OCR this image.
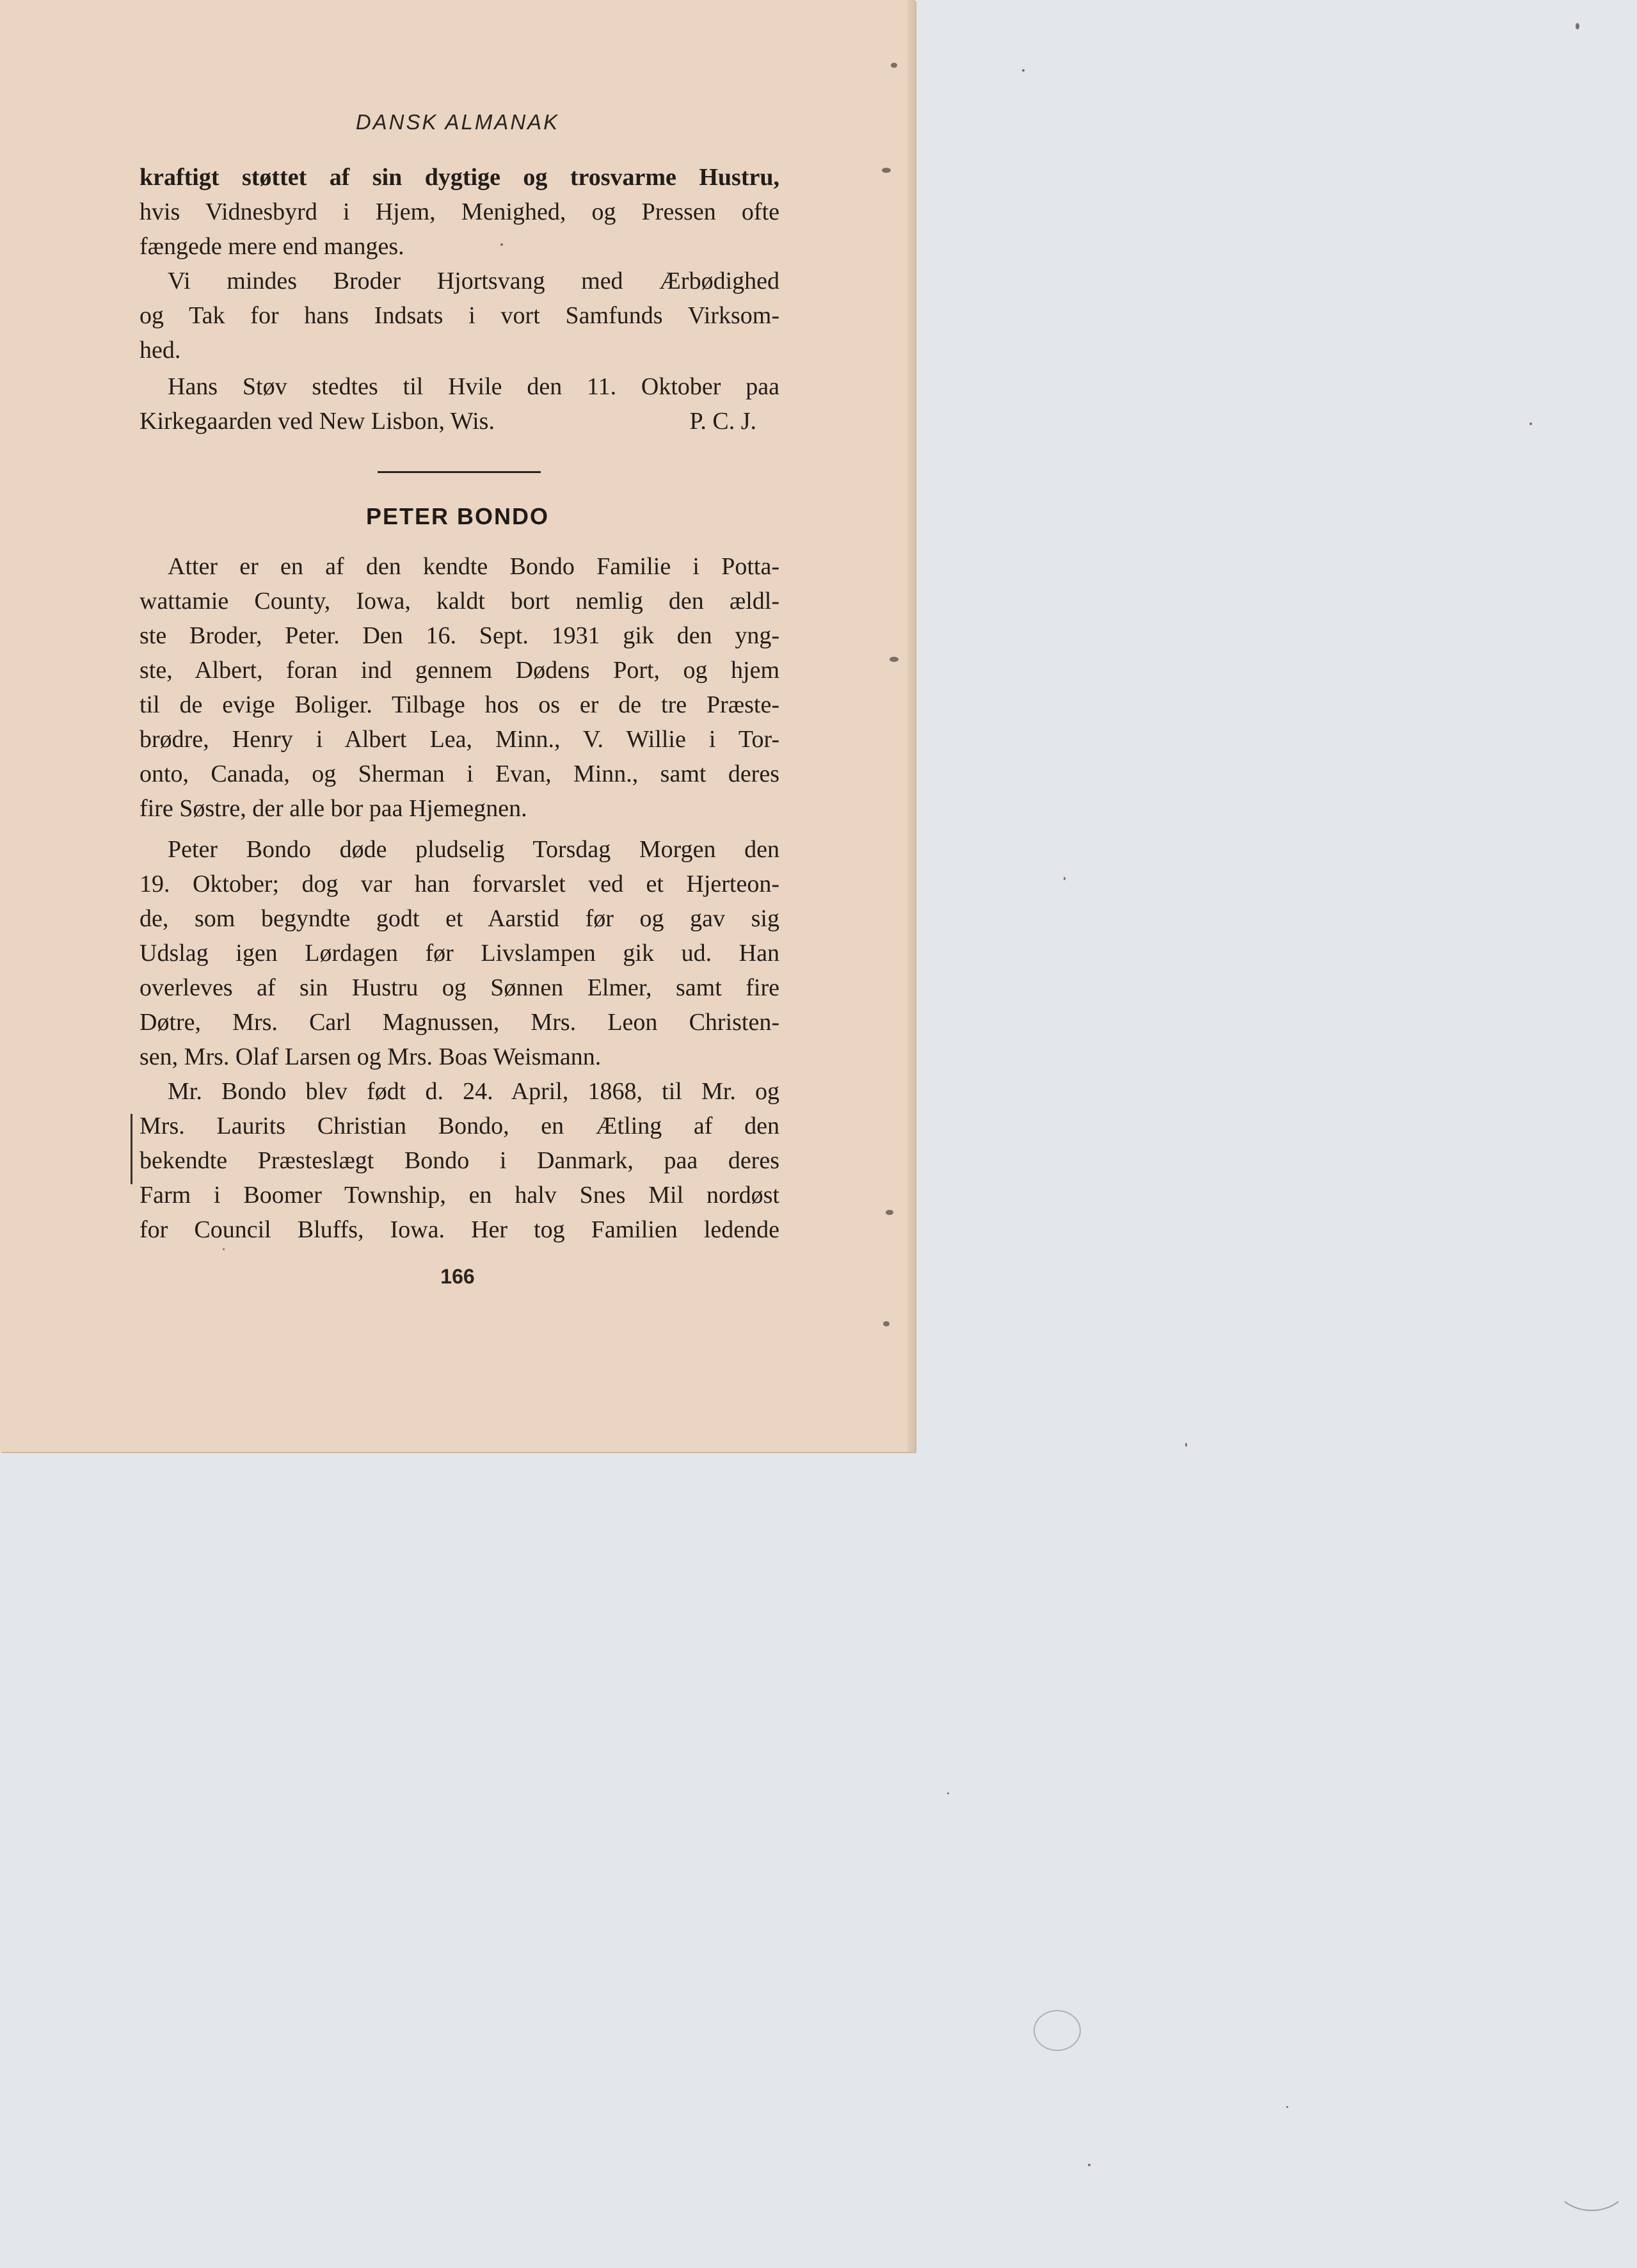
DANSK ALMANAK
kraftigt støttet af sin dygtige og trosvarme Hustru,
hvis Vidnesbyrd i Hjem, Menighed, og Pressen ofte
fængede mere end manges.
Vi mindes Broder Hjortsvang med Ærbødighed
og Tak for hans Indsats i vort Samfunds Virksom-
hed.
Hans Støv stedtes til Hvile den 11. Oktober paa
Kirkegaarden ved New Lisbon, Wis.	P. C. J.
PETER BONDO
Atter er en af den kendte Bondo Familie i Potta-
wattamie County, Iowa, kaldt bort nemlig den ældl-
ste Broder, Peter. Den 16. Sept. 1931 gik den yng-
ste, Albert, foran ind gennem Dødens Port, og hjem
til de evige Boliger. Tilbage hos os er de tre Præste-
brødre, Henry i Albert Lea, Minn., V. Willie i Tor-
onto, Canada, og Sherman i Evan, Minn., samt deres
fire Søstre, der alle bor paa Hjemegnen.
Peter Bondo døde pludselig Torsdag Morgen den
19. Oktober; dog var han forvarslet ved et Hjerteon-
de, som begyndte godt et Aarstid før og gav sig
Udslag igen Lørdagen før Livslampen gik ud. Han
overleves af sin Hustru og Sønnen Elmer, samt fire
Døtre, Mrs. Carl Magnussen, Mrs. Leon Christen-
sen, Mrs. Olaf Larsen og Mrs. Boas Weismann.
Mr. Bondo blev født d. 24. April, 1868, til Mr. og
Mrs. Laurits Christian Bondo, en Ætling af den
bekendte Præsteslægt Bondo i Danmark, paa deres
Farm i Boomer Township, en halv Snes Mil nordøst
for Council Bluffs, Iowa. Her tog Familien ledende
166
